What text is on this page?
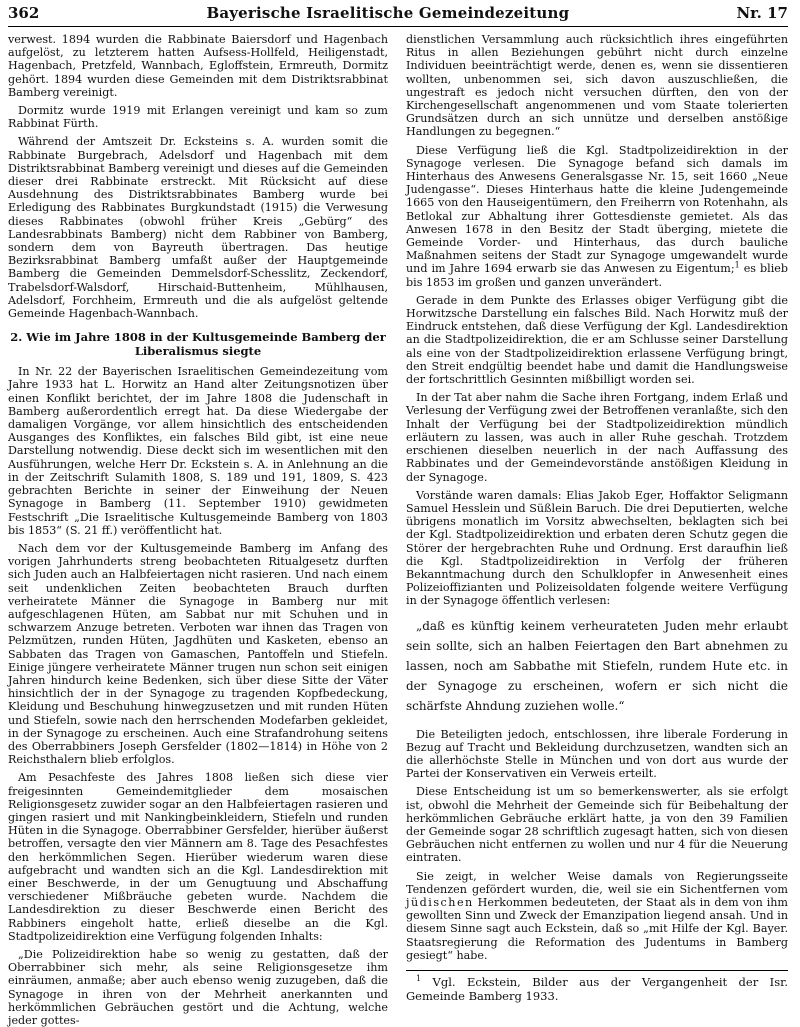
362	Bayerische Israelitische Gemeindezeitung	Nr. 17

verwest. 1894 wurden die Rabbinate Baiersdorf und Hagenbach aufgelöst, zu letzterem hatten Aufsess-Hollfeld, Heiligenstadt, Hagenbach, Pretzfeld, Wannbach, Egloffstein, Ermreuth, Dormitz gehört. 1894 wurden diese Gemeinden mit dem Distriktsrabbinat Bamberg vereinigt.

Dormitz wurde 1919 mit Erlangen vereinigt und kam so zum Rabbinat Fürth.

Während der Amtszeit Dr. Ecksteins s. A. wurden somit die Rabbinate Burgebrach, Adelsdorf und Hagenbach mit dem Distriktsrabbinat Bamberg vereinigt und dieses auf die Gemeinden dieser drei Rabbinate erstreckt. Mit Rücksicht auf diese Ausdehnung des Distriktsrabbinates Bamberg wurde bei Erledigung des Rabbinates Burgkundstadt (1915) die Verwesung dieses Rabbinates (obwohl früher Kreis „Gebürg“ des Landesrabbinats Bamberg) nicht dem Rabbiner von Bamberg, sondern dem von Bayreuth übertragen. Das heutige Bezirksrabbinat Bamberg umfaßt außer der Hauptgemeinde Bamberg die Gemeinden Demmelsdorf-Schesslitz, Zeckendorf, Trabelsdorf-Walsdorf, Hirschaid-Buttenheim, Mühlhausen, Adelsdorf, Forchheim, Ermreuth und die als aufgelöst geltende Gemeinde Hagenbach-Wannbach.

2. Wie im Jahre 1808 in der Kultusgemeinde Bamberg der Liberalismus siegte

In Nr. 22 der Bayerischen Israelitischen Gemeindezeitung vom Jahre 1933 hat L. Horwitz an Hand alter Zeitungsnotizen über einen Konflikt berichtet, der im Jahre 1808 die Judenschaft in Bamberg außerordentlich erregt hat. Da diese Wiedergabe der damaligen Vorgänge, vor allem hinsichtlich des entscheidenden Ausganges des Konfliktes, ein falsches Bild gibt, ist eine neue Darstellung notwendig. Diese deckt sich im wesentlichen mit den Ausführungen, welche Herr Dr. Eckstein s. A. in Anlehnung an die in der Zeitschrift Sulamith 1808, S. 189 und 191, 1809, S. 423 gebrachten Berichte in seiner der Einweihung der Neuen Synagoge in Bamberg (11. September 1910) gewidmeten Festschrift „Die Israelitische Kultusgemeinde Bamberg von 1803 bis 1853“ (S. 21 ff.) veröffentlicht hat.

Nach dem vor der Kultusgemeinde Bamberg im Anfang des vorigen Jahrhunderts streng beobachteten Ritualgesetz durften sich Juden auch an Halbfeiertagen nicht rasieren. Und nach einem seit undenklichen Zeiten beobachteten Brauch durften verheiratete Männer die Synagoge in Bamberg nur mit aufgeschlagenen Hüten, am Sabbat nur mit Schuhen und in schwarzem Anzuge betreten. Verboten war ihnen das Tragen von Pelzmützen, runden Hüten, Jagdhüten und Kasketen, ebenso an Sabbaten das Tragen von Gamaschen, Pantoffeln und Stiefeln. Einige jüngere verheiratete Männer trugen nun schon seit einigen Jahren hindurch keine Bedenken, sich über diese Sitte der Väter hinsichtlich der in der Synagoge zu tragenden Kopfbedeckung, Kleidung und Beschuhung hinwegzusetzen und mit runden Hüten und Stiefeln, sowie nach den herrschenden Modefarben gekleidet, in der Synagoge zu erscheinen. Auch eine Strafandrohung seitens des Oberrabbiners Joseph Gersfelder (1802—1814) in Höhe von 2 Reichsthalern blieb erfolglos.

Am Pesachfeste des Jahres 1808 ließen sich diese vier freigesinnten Gemeindemitglieder dem mosaischen Religionsgesetz zuwider sogar an den Halbfeiertagen rasieren und gingen rasiert und mit Nankingbeinkleidern, Stiefeln und runden Hüten in die Synagoge. Oberrabbiner Gersfelder, hierüber äußerst betroffen, versagte den vier Männern am 8. Tage des Pesachfestes den herkömmlichen Segen. Hierüber wiederum waren diese aufgebracht und wandten sich an die Kgl. Landesdirektion mit einer Beschwerde, in der um Genugtuung und Abschaffung verschiedener Mißbräuche gebeten wurde. Nachdem die Landesdirektion zu dieser Beschwerde einen Bericht des Rabbiners eingeholt hatte, erließ dieselbe an die Kgl. Stadtpolizeidirektion eine Verfügung folgenden Inhalts:

„Die Polizeidirektion habe so wenig zu gestatten, daß der Oberrabbiner sich mehr, als seine Religionsgesetze ihm einräumen, anmaße; aber auch ebenso wenig zuzugeben, daß die Synagoge in ihren von der Mehrheit anerkannten und herkömmlichen Gebräuchen gestört und die Achtung, welche jeder gottes-

dienstlichen Versammlung auch rücksichtlich ihres eingeführten Ritus in allen Beziehungen gebührt nicht durch einzelne Individuen beeinträchtigt werde, denen es, wenn sie dissentieren wollten, unbenommen sei, sich davon auszuschließen, die ungestraft es jedoch nicht versuchen dürften, den von der Kirchengesellschaft angenommenen und vom Staate tolerierten Grundsätzen durch an sich unnütze und derselben anstößige Handlungen zu begegnen.“

Diese Verfügung ließ die Kgl. Stadtpolizeidirektion in der Synagoge verlesen. Die Synagoge befand sich damals im Hinterhaus des Anwesens Generalsgasse Nr. 15, seit 1660 „Neue Judengasse“. Dieses Hinterhaus hatte die kleine Judengemeinde 1665 von den Hauseigentümern, den Freiherrn von Rotenhahn, als Betlokal zur Abhaltung ihrer Gottesdienste gemietet. Als das Anwesen 1678 in den Besitz der Stadt überging, mietete die Gemeinde Vorder- und Hinterhaus, das durch bauliche Maßnahmen seitens der Stadt zur Synagoge umgewandelt wurde und im Jahre 1694 erwarb sie das Anwesen zu Eigentum;$^1$ es blieb bis 1853 im großen und ganzen unverändert.

Gerade in dem Punkte des Erlasses obiger Verfügung gibt die Horwitzsche Darstellung ein falsches Bild. Nach Horwitz muß der Eindruck entstehen, daß diese Verfügung der Kgl. Landesdirektion an die Stadtpolizeidirektion, die er am Schlusse seiner Darstellung als eine von der Stadtpolizeidirektion erlassene Verfügung bringt, den Streit endgültig beendet habe und damit die Handlungsweise der fortschrittlich Gesinnten mißbilligt worden sei.

In der Tat aber nahm die Sache ihren Fortgang, indem Erlaß und Verlesung der Verfügung zwei der Betroffenen veranlaßte, sich den Inhalt der Verfügung bei der Stadtpolizeidirektion mündlich erläutern zu lassen, was auch in aller Ruhe geschah. Trotzdem erschienen dieselben neuerlich in der nach Auffassung des Rabbinates und der Gemeindevorstände anstößigen Kleidung in der Synagoge.

Vorstände waren damals: Elias Jakob Eger, Hoffaktor Seligmann Samuel Hesslein und Süßlein Baruch. Die drei Deputierten, welche übrigens monatlich im Vorsitz abwechselten, beklagten sich bei der Kgl. Stadtpolizeidirektion und erbaten deren Schutz gegen die Störer der hergebrachten Ruhe und Ordnung. Erst daraufhin ließ die Kgl. Stadtpolizeidirektion in Verfolg der früheren Bekanntmachung durch den Schulklopfer in Anwesenheit eines Polizeioffizianten und Polizeisoldaten folgende weitere Verfügung in der Synagoge öffentlich verlesen:

„daß es künftig keinem verheurateten Juden mehr erlaubt sein sollte, sich an halben Feiertagen den Bart abnehmen zu lassen, noch am Sabbathe mit Stiefeln, rundem Hute etc. in der Synagoge zu erscheinen, wofern er sich nicht die schärfste Ahndung zuziehen wolle.“

Die Beteiligten jedoch, entschlossen, ihre liberale Forderung in Bezug auf Tracht und Bekleidung durchzusetzen, wandten sich an die allerhöchste Stelle in München und von dort aus wurde der Partei der Konservativen ein Verweis erteilt.

Diese Entscheidung ist um so bemerkenswerter, als sie erfolgt ist, obwohl die Mehrheit der Gemeinde sich für Beibehaltung der herkömmlichen Gebräuche erklärt hatte, ja von den 39 Familien der Gemeinde sogar 28 schriftlich zugesagt hatten, sich von diesen Gebräuchen nicht entfernen zu wollen und nur 4 für die Neuerung eintraten.

Sie zeigt, in welcher Weise damals von Regierungsseite Tendenzen gefördert wurden, die, weil sie ein Sichentfernen vom jüdischen Herkommen bedeuteten, der Staat als in dem von ihm gewollten Sinn und Zweck der Emanzipation liegend ansah. Und in diesem Sinne sagt auch Eckstein, daß so „mit Hilfe der Kgl. Bayer. Staatsregierung die Reformation des Judentums in Bamberg gesiegt“ habe.

$^1$ Vgl. Eckstein, Bilder aus der Vergangenheit der Isr. Gemeinde Bamberg 1933.
